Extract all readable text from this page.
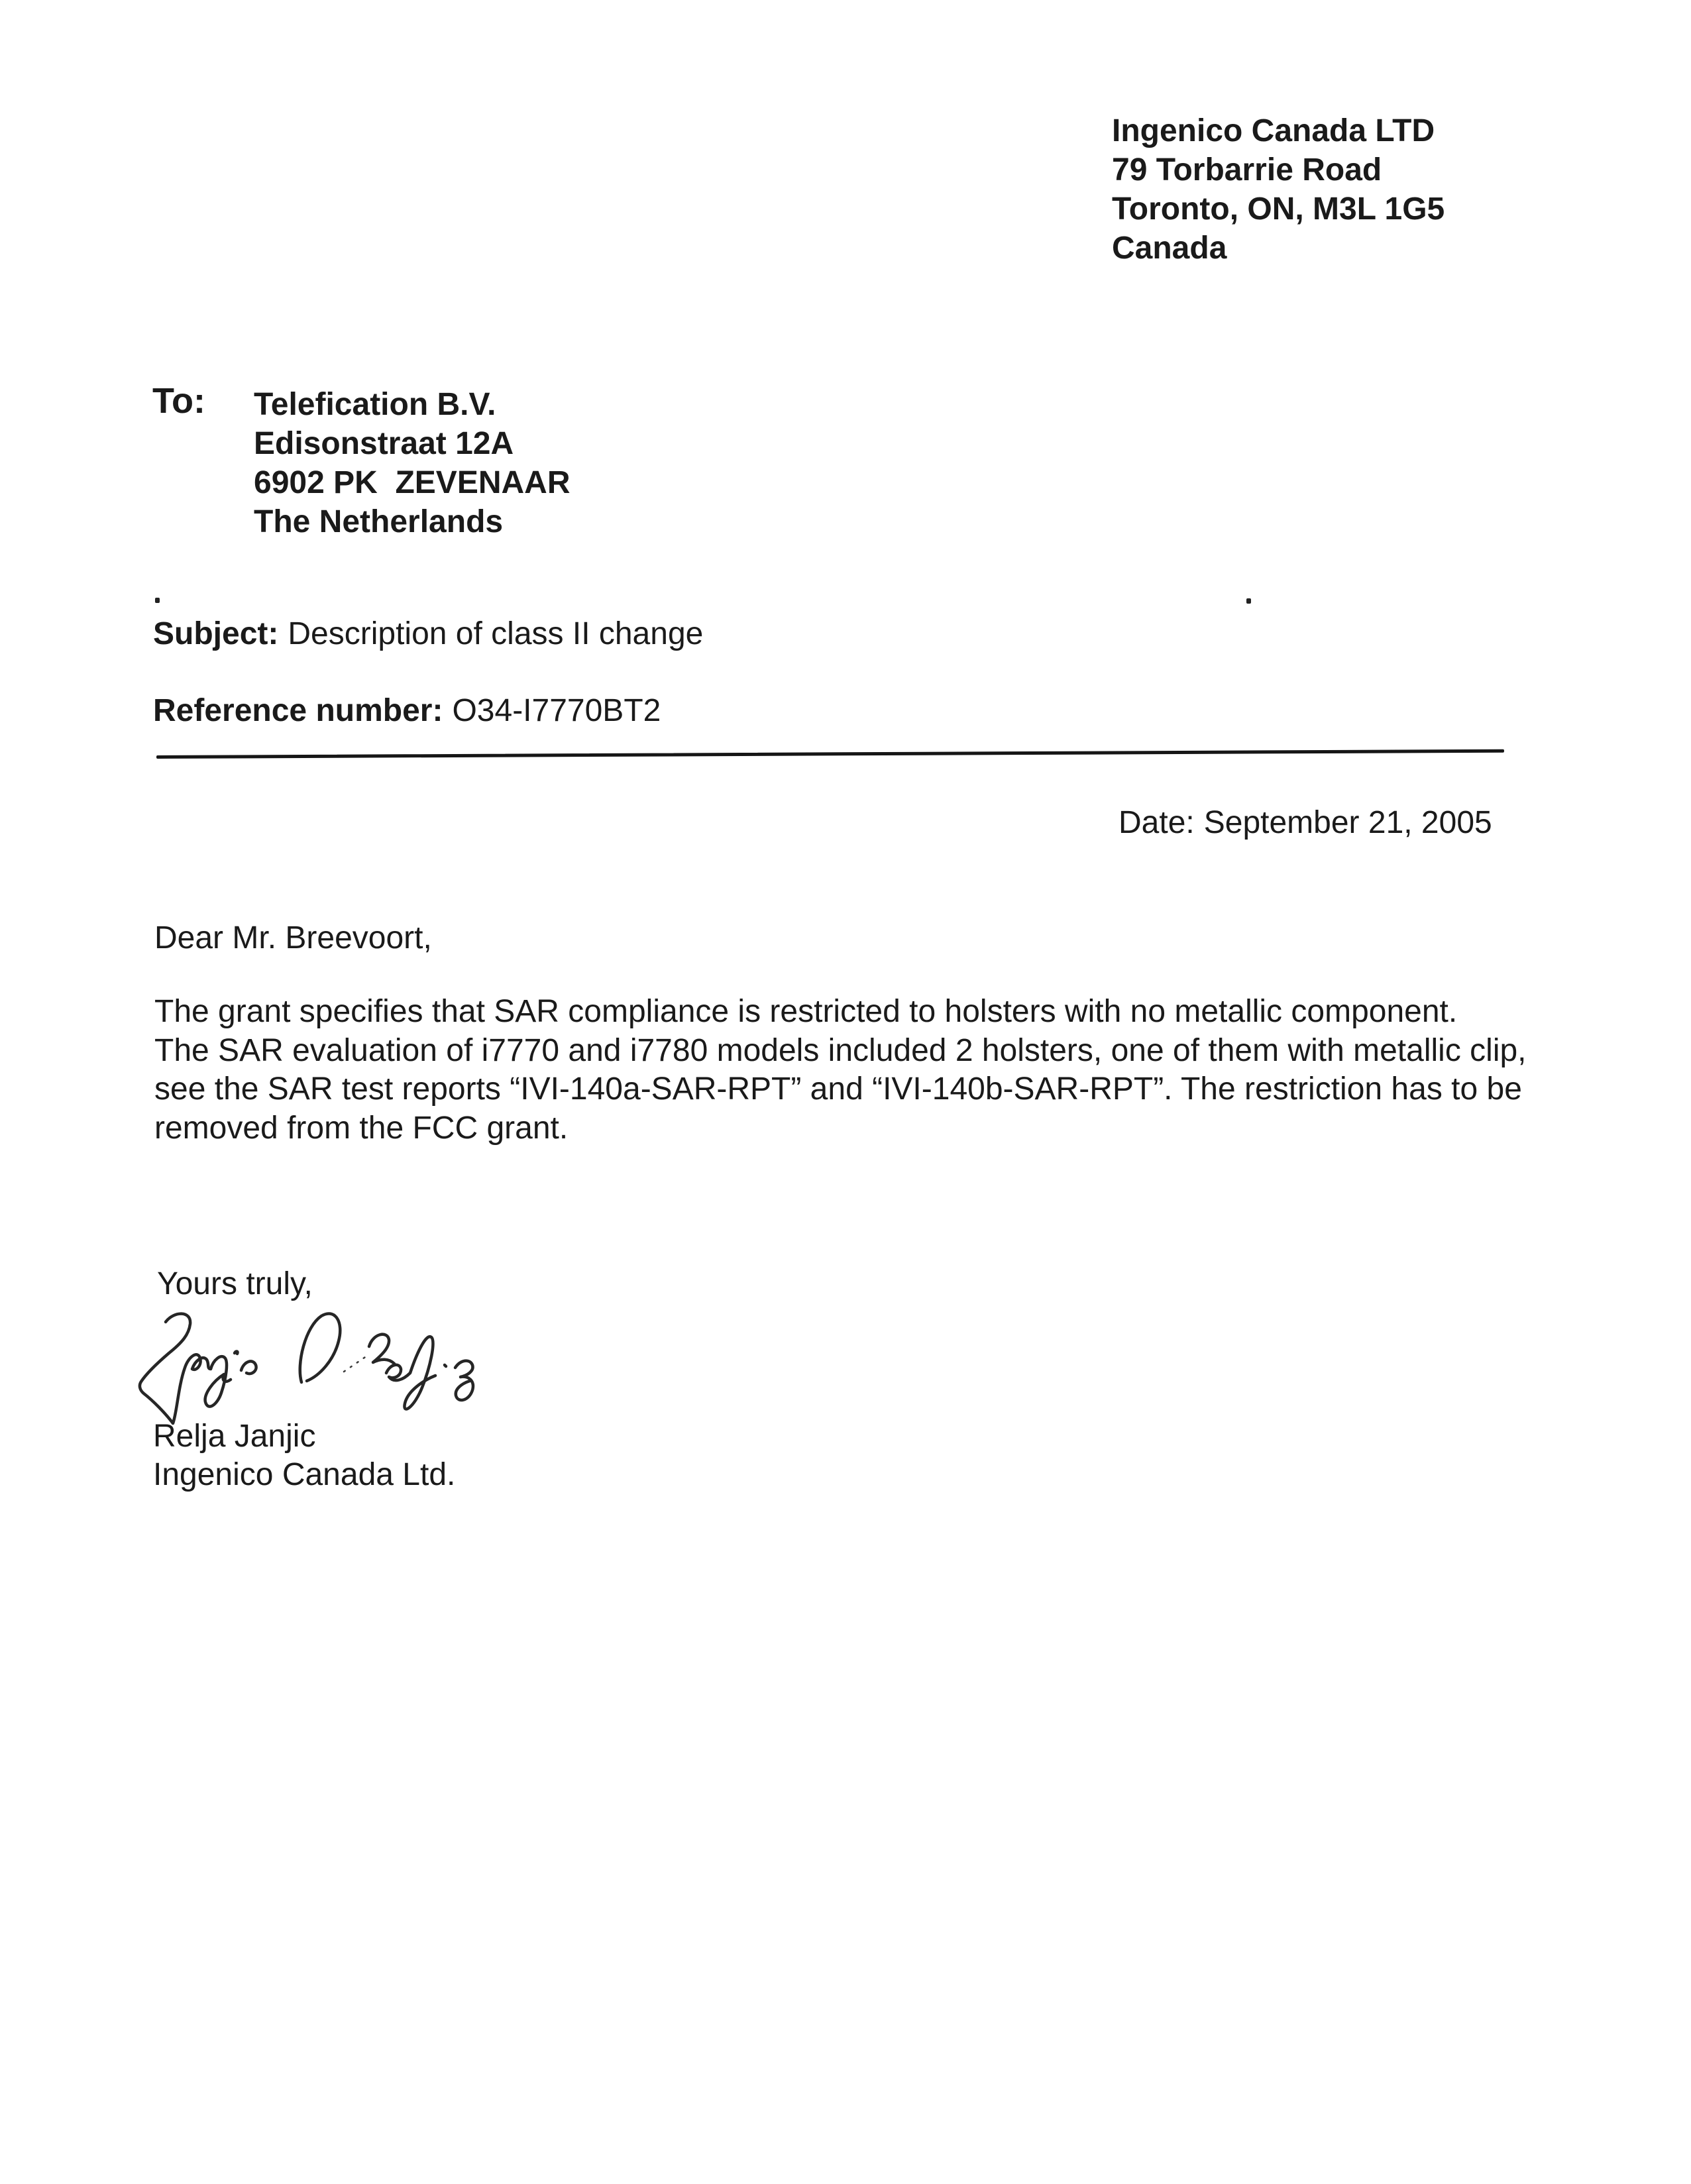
Ingenico Canada LTD
79 Torbarrie Road
Toronto, ON, M3L 1G5
Canada
To: Telefication B.V.
Edisonstraat 12A
6902 PK  ZEVENAAR
The Netherlands
Subject: Description of class II change
Reference number: O34-I7770BT2
Date: September 21, 2005
Dear Mr. Breevoort,
The grant specifies that SAR compliance is restricted to holsters with no metallic component.
The SAR evaluation of i7770 and i7780 models included 2 holsters, one of them with metallic clip,
see the SAR test reports “IVI-140a-SAR-RPT” and “IVI-140b-SAR-RPT”. The restriction has to be
removed from the FCC grant.
Yours truly,
Relja Janjic
Ingenico Canada Ltd.
